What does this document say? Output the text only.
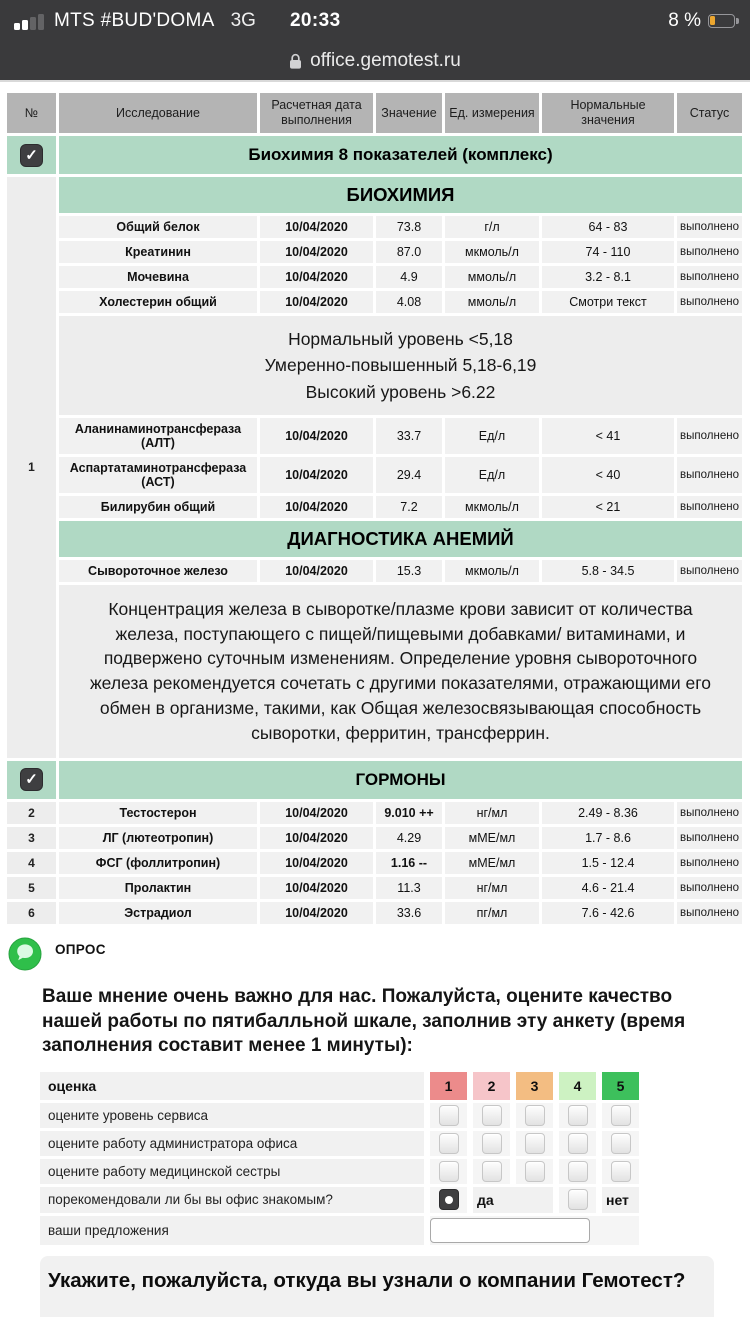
MTS #BUD'DOMA 3G 20:33	8 %
office.gemotest.ru
№	Исследование	Расчетная дата выполнения	Значение	Ед. измерения	Нормальные значения	Статус

✓	Биохимия 8 показателей (комплекс)					
1	БИОХИМИЯ					
	Общий белок	10/04/2020	73.8	г/л	64 - 83	выполнено
	Креатинин	10/04/2020	87.0	мкмоль/л	74 - 110	выполнено
	Мочевина	10/04/2020	4.9	ммоль/л	3.2 - 8.1	выполнено
	Холестерин общий	10/04/2020	4.08	ммоль/л	Смотри текст	выполнено

	Нормальный уровень <5,18
Умеренно-повышенный 5,18-6,19
Высокий уровень >6.22					

	Аланинаминотрансфераза (АЛТ)	10/04/2020	33.7	Ед/л	< 41	выполнено
	Аспартатаминотрансфераза (АСТ)	10/04/2020	29.4	Ед/л	< 40	выполнено
	Билирубин общий	10/04/2020	7.2	мкмоль/л	< 21	выполнено
	ДИАГНОСТИКА АНЕМИЙ					
	Сывороточное железо	10/04/2020	15.3	мкмоль/л	5.8 - 34.5	выполнено

	Концентрация железа в сыворотке/плазме крови зависит от количества железа, поступающего с пищей/пищевыми добавками/ витаминами, и подвержено суточным изменениям. Определение уровня сывороточного железа рекомендуется сочетать с другими показателями, отражающими его обмен в организме, такими, как Общая железосвязывающая способность сыворотки, ферритин, трансферрин.					

✓	ГОРМОНЫ					
2	Тестостерон	10/04/2020	9.010 ++	нг/мл	2.49 - 8.36	выполнено
3	ЛГ (лютеотропин)	10/04/2020	4.29	мМЕ/мл	1.7 - 8.6	выполнено
4	ФСГ (фоллитропин)	10/04/2020	1.16 --	мМЕ/мл	1.5 - 12.4	выполнено
5	Пролактин	10/04/2020	11.3	нг/мл	4.6 - 21.4	выполнено
6	Эстрадиол	10/04/2020	33.6	пг/мл	7.6 - 42.6	выполнено
ОПРОС
Ваше мнение очень важно для нас. Пожалуйста, оцените качество нашей работы по пятибалльной шкале, заполнив эту анкету (время заполнения составит менее 1 минуты):
оценка	1	2	3	4	5
оцените уровень сервиса	

оцените работу администратора офиса	

оцените работу медицинской сестры	

порекомендовали ли бы вы офис знакомым?		да			нет
ваши предложения	
Укажите, пожалуйста, откуда вы узнали о компании Гемотест?
